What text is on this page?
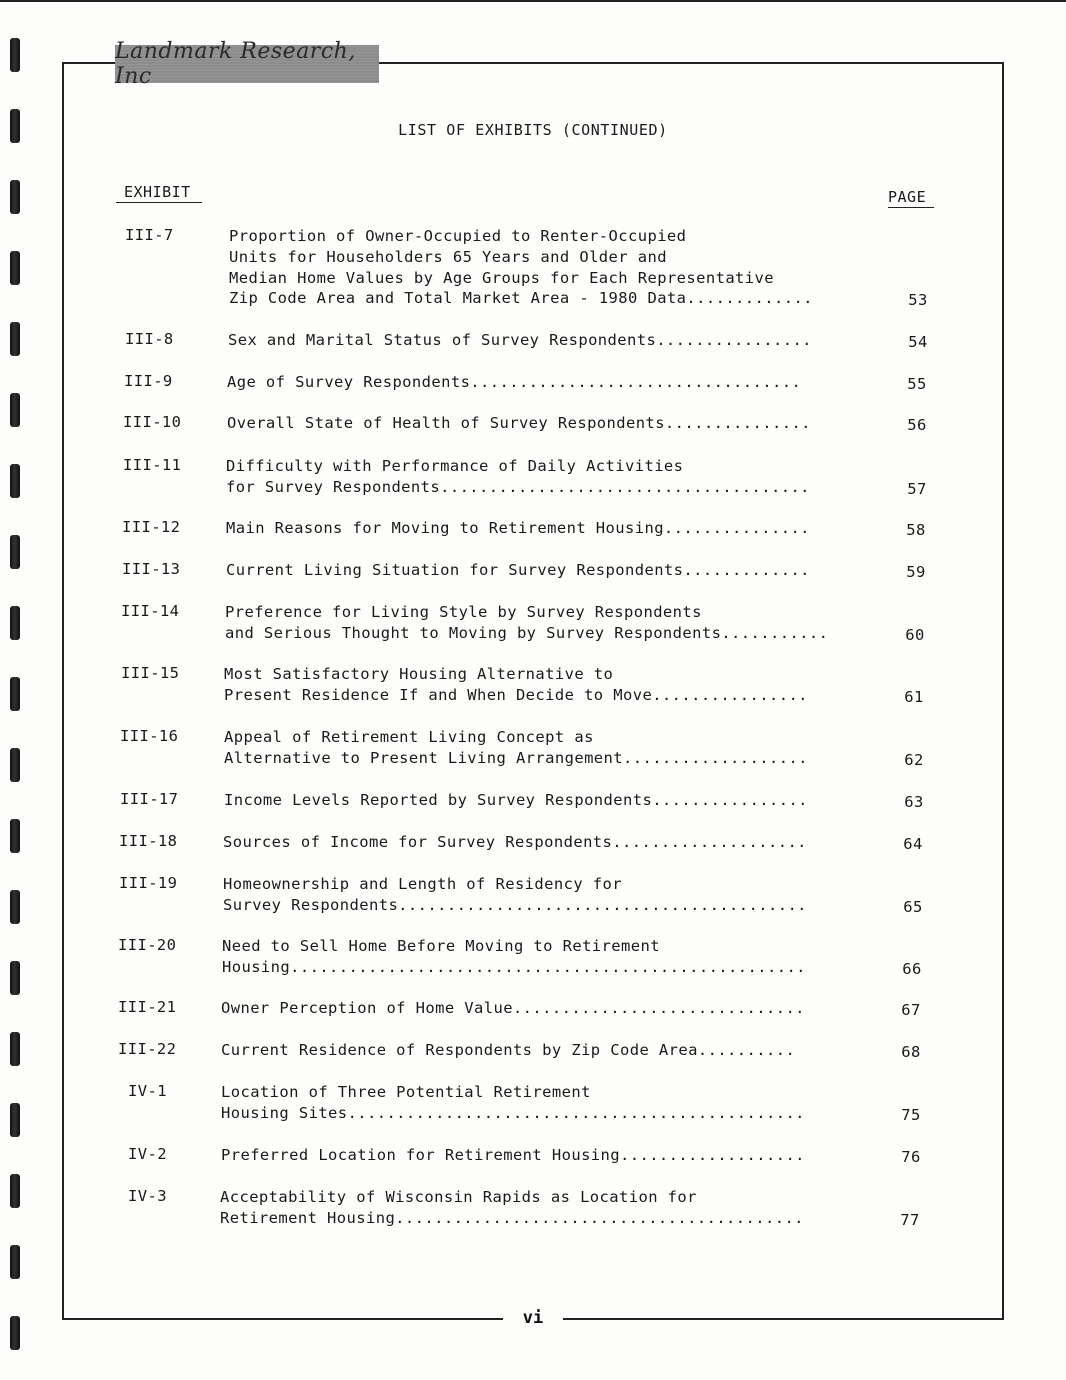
Landmark Research, Inc
LIST OF EXHIBITS (CONTINUED)
EXHIBIT	PAGE
III-7	Proportion of Owner-Occupied to Renter-Occupied
Units for Householders 65 Years and Older and
Median Home Values by Age Groups for Each Representative
Zip Code Area and Total Market Area - 1980 Data.............	53
III-8	Sex and Marital Status of Survey Respondents................	54
III-9	Age of Survey Respondents..................................	55
III-10	Overall State of Health of Survey Respondents...............	56
III-11	Difficulty with Performance of Daily Activities
for Survey Respondents......................................	57
III-12	Main Reasons for Moving to Retirement Housing...............	58
III-13	Current Living Situation for Survey Respondents.............	59
III-14	Preference for Living Style by Survey Respondents
and Serious Thought to Moving by Survey Respondents...........	60
III-15	Most Satisfactory Housing Alternative to
Present Residence If and When Decide to Move................	61
III-16	Appeal of Retirement Living Concept as
Alternative to Present Living Arrangement...................	62
III-17	Income Levels Reported by Survey Respondents................	63
III-18	Sources of Income for Survey Respondents....................	64
III-19	Homeownership and Length of Residency for
Survey Respondents..........................................	65
III-20	Need to Sell Home Before Moving to Retirement
Housing.....................................................	66
III-21	Owner Perception of Home Value..............................	67
III-22	Current Residence of Respondents by Zip Code Area..........	68
IV-1	Location of Three Potential Retirement
Housing Sites...............................................	75
IV-2	Preferred Location for Retirement Housing...................	76
IV-3	Acceptability of Wisconsin Rapids as Location for
Retirement Housing..........................................	77
vi
